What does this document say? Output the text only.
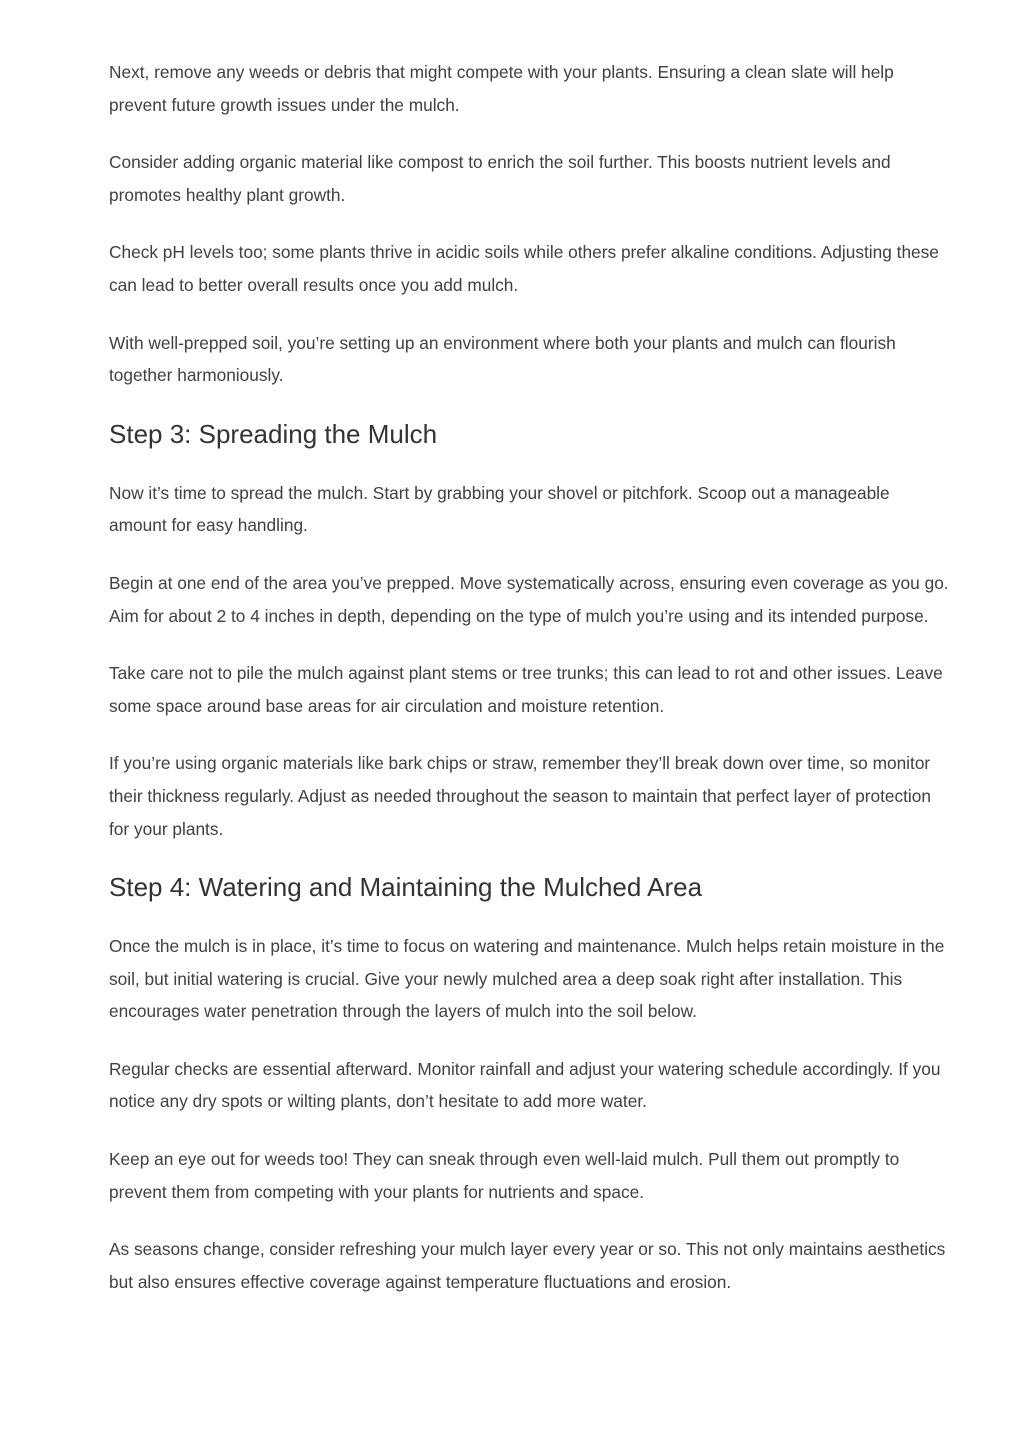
Next, remove any weeds or debris that might compete with your plants. Ensuring a clean slate will help prevent future growth issues under the mulch.

Consider adding organic material like compost to enrich the soil further. This boosts nutrient levels and promotes healthy plant growth.

Check pH levels too; some plants thrive in acidic soils while others prefer alkaline conditions. Adjusting these can lead to better overall results once you add mulch.

With well-prepped soil, you’re setting up an environment where both your plants and mulch can flourish together harmoniously.

Step 3: Spreading the Mulch

Now it’s time to spread the mulch. Start by grabbing your shovel or pitchfork. Scoop out a manageable amount for easy handling.

Begin at one end of the area you’ve prepped. Move systematically across, ensuring even coverage as you go. Aim for about 2 to 4 inches in depth, depending on the type of mulch you’re using and its intended purpose.

Take care not to pile the mulch against plant stems or tree trunks; this can lead to rot and other issues. Leave some space around base areas for air circulation and moisture retention.

If you’re using organic materials like bark chips or straw, remember they’ll break down over time, so monitor their thickness regularly. Adjust as needed throughout the season to maintain that perfect layer of protection for your plants.

Step 4: Watering and Maintaining the Mulched Area

Once the mulch is in place, it’s time to focus on watering and maintenance. Mulch helps retain moisture in the soil, but initial watering is crucial. Give your newly mulched area a deep soak right after installation. This encourages water penetration through the layers of mulch into the soil below.

Regular checks are essential afterward. Monitor rainfall and adjust your watering schedule accordingly. If you notice any dry spots or wilting plants, don’t hesitate to add more water.

Keep an eye out for weeds too! They can sneak through even well-laid mulch. Pull them out promptly to prevent them from competing with your plants for nutrients and space.

As seasons change, consider refreshing your mulch layer every year or so. This not only maintains aesthetics but also ensures effective coverage against temperature fluctuations and erosion.
